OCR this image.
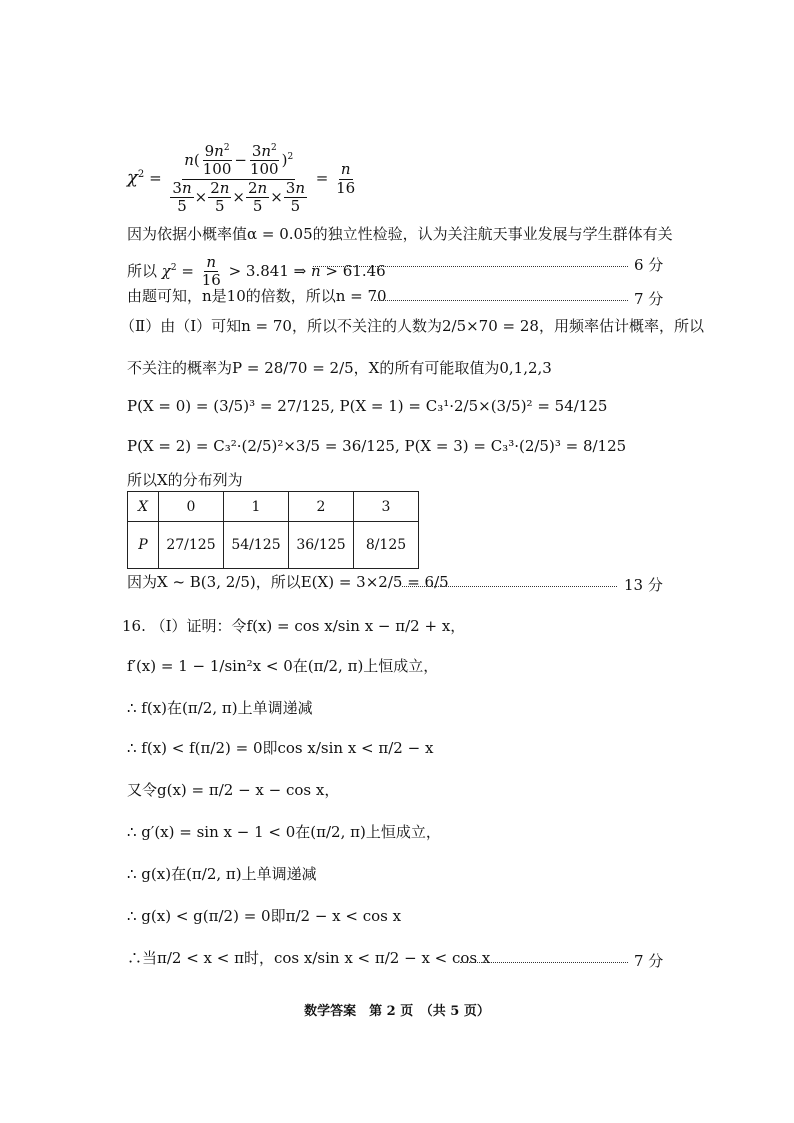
$\chi^2 = \frac{n( \frac{9n^2}{100} - \frac{3n^2}{100} )^2}{\frac{3n}{5} \times \frac{2n}{5} \times \frac{2n}{5} \times \frac{3n}{5}} = \frac{n}{16}$
因为依据小概率值α = 0.05的独立性检验，认为关注航天事业发展与学生群体有关
所以 $\chi^2 = \frac{n}{16} > 3.841$ ⇒ n > 61.46	6 分
由题可知，n是10的倍数，所以n = 70	7 分
（Ⅱ）由（Ⅰ）可知n = 70，所以不关注的人数为2/5×70 = 28，用频率估计概率，所以
不关注的概率为P = 28/70 = 2/5，X的所有可能取值为0,1,2,3
P(X = 0) = (3/5)³ = 27/125, P(X = 1) = C₃¹·2/5×(3/5)² = 54/125
P(X = 2) = C₃²·(2/5)²×3/5 = 36/125, P(X = 3) = C₃³·(2/5)³ = 8/125
所以X的分布列为
X	0	1	2	3
P	27/125	54/125	36/125	8/125
因为X ~ B(3, 2/5)，所以E(X) = 3×2/5 = 6/5	13 分
16. （Ⅰ）证明：令f(x) = cos x/sin x − π/2 + x，
f′(x) = 1 − 1/sin²x < 0在(π/2, π)上恒成立，
∴ f(x)在(π/2, π)上单调递减
∴ f(x) < f(π/2) = 0即cos x/sin x < π/2 − x
又令g(x) = π/2 − x − cos x，
∴ g′(x) = sin x − 1 < 0在(π/2, π)上恒成立，
∴ g(x)在(π/2, π)上单调递减
∴ g(x) < g(π/2) = 0即π/2 − x < cos x
∴当π/2 < x < π时，cos x/sin x < π/2 − x < cos x	7 分
数学答案　第 2 页　（共 5 页）
